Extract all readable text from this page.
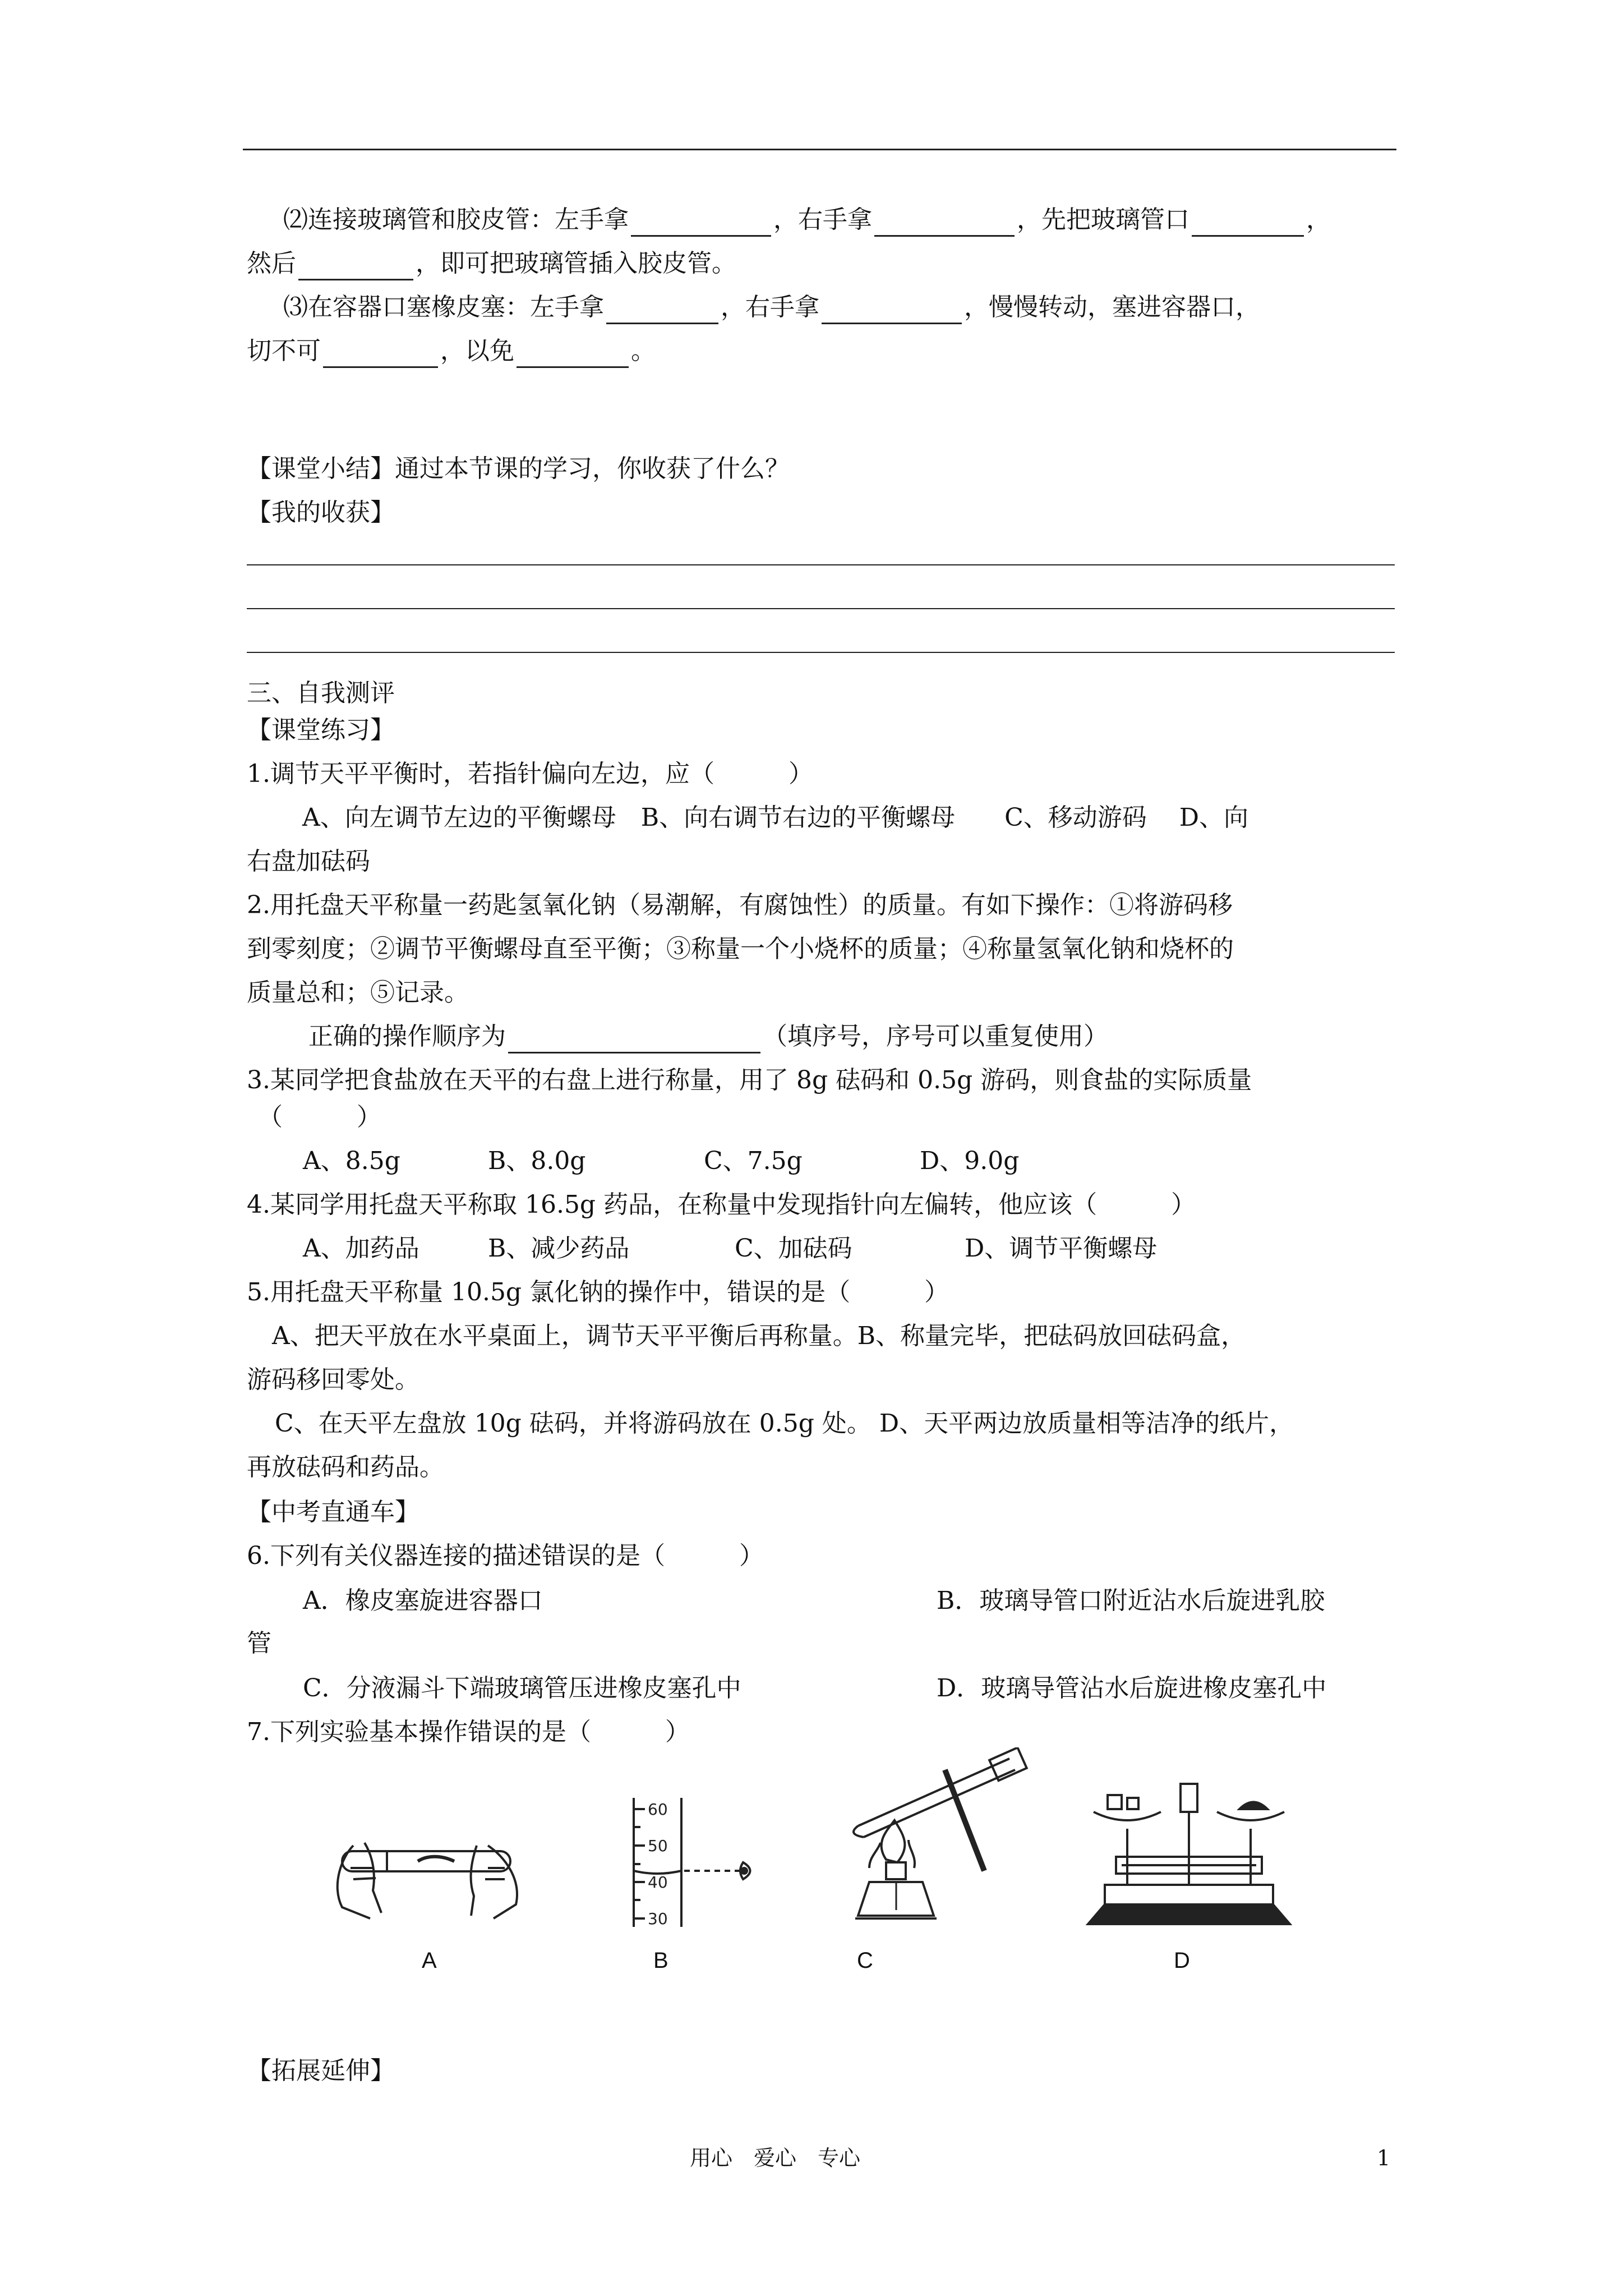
⑵连接玻璃管和胶皮管：左手拿	，右手拿	，先把玻璃管口	，
然后	，即可把玻璃管插入胶皮管。
⑶在容器口塞橡皮塞：左手拿	，右手拿	，慢慢转动，塞进容器口，
切不可	，以免	。
【课堂小结】通过本节课的学习，你收获了什么？
【我的收获】
三、自我测评
【课堂练习】
1.调节天平平衡时，若指针偏向左边，应（　　　）
　A、向左调节左边的平衡螺母　B、向右调节右边的平衡螺母　　C、移动游码　 D、向
右盘加砝码
2.用托盘天平称量一药匙氢氧化钠（易潮解，有腐蚀性）的质量。有如下操作：①将游码移
到零刻度；②调节平衡螺母直至平衡；③称量一个小烧杯的质量；④称量氢氧化钠和烧杯的
质量总和；⑤记录。
正确的操作顺序为	（填序号，序号可以重复使用）
3.某同学把食盐放在天平的右盘上进行称量，用了 8g 砝码和 0.5g 游码，则食盐的实际质量
（　　　）
A、8.5g	B、8.0g	C、7.5g	D、9.0g
4.某同学用托盘天平称取 16.5g 药品，在称量中发现指针向左偏转，他应该（　　　）
A、加药品	B、减少药品	C、加砝码	D、调节平衡螺母
5.用托盘天平称量 10.5g 氯化钠的操作中，错误的是（　　　）
A、把天平放在水平桌面上，调节天平平衡后再称量。B、称量完毕，把砝码放回砝码盒，
游码移回零处。
C、在天平左盘放 10g 砝码，并将游码放在 0.5g 处。 D、天平两边放质量相等洁净的纸片，
再放砝码和药品。
【中考直通车】
6.下列有关仪器连接的描述错误的是（　　　）
A．橡皮塞旋进容器口	B．玻璃导管口附近沾水后旋进乳胶
管
C．分液漏斗下端玻璃管压进橡皮塞孔中	D．玻璃导管沾水后旋进橡皮塞孔中
7.下列实验基本操作错误的是（　　　）
60
50
40
30
A	B	C	D
【拓展延伸】
用心　爱心　专心	1
